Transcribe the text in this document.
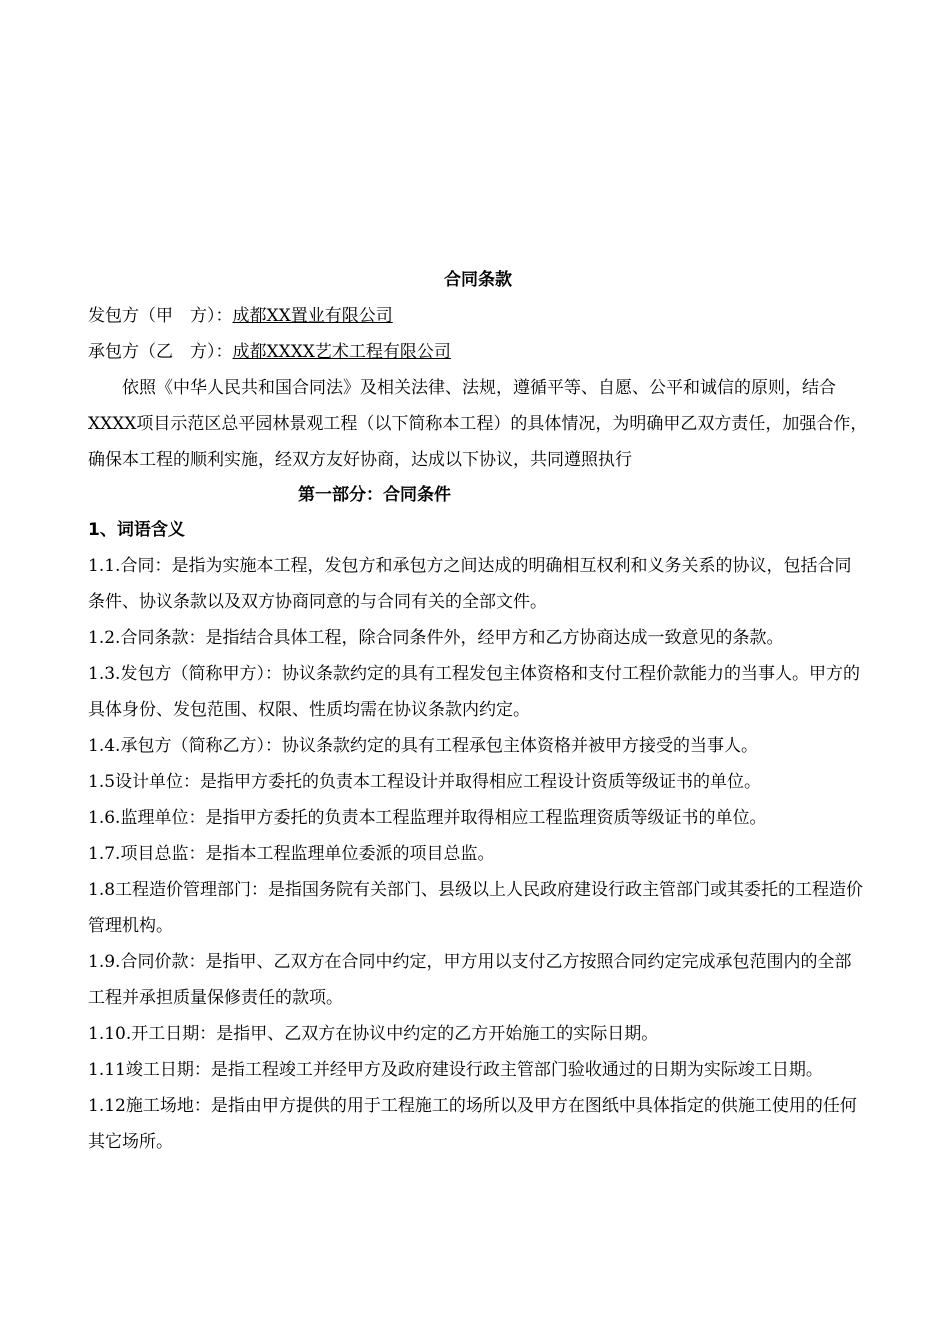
合同条款
发包方（甲　方）：成都XX置业有限公司
承包方（乙　方）：成都XXXX艺术工程有限公司

依照《中华人民共和国合同法》及相关法律、法规，遵循平等、自愿、公平和诚信的原则，结合XXXX项目示范区总平园林景观工程（以下简称本工程）的具体情况，为明确甲乙双方责任，加强合作，确保本工程的顺利实施，经双方友好协商，达成以下协议，共同遵照执行

第一部分：合同条件
1、词语含义

1.1.合同：是指为实施本工程，发包方和承包方之间达成的明确相互权利和义务关系的协议，包括合同条件、协议条款以及双方协商同意的与合同有关的全部文件。

1.2.合同条款：是指结合具体工程，除合同条件外，经甲方和乙方协商达成一致意见的条款。

1.3.发包方（简称甲方）：协议条款约定的具有工程发包主体资格和支付工程价款能力的当事人。甲方的具体身份、发包范围、权限、性质均需在协议条款内约定。

1.4.承包方（简称乙方）：协议条款约定的具有工程承包主体资格并被甲方接受的当事人。

1.5设计单位：是指甲方委托的负责本工程设计并取得相应工程设计资质等级证书的单位。

1.6.监理单位：是指甲方委托的负责本工程监理并取得相应工程监理资质等级证书的单位。

1.7.项目总监：是指本工程监理单位委派的项目总监。

1.8工程造价管理部门：是指国务院有关部门、县级以上人民政府建设行政主管部门或其委托的工程造价管理机构。

1.9.合同价款：是指甲、乙双方在合同中约定，甲方用以支付乙方按照合同约定完成承包范围内的全部工程并承担质量保修责任的款项。

1.10.开工日期：是指甲、乙双方在协议中约定的乙方开始施工的实际日期。

1.11竣工日期：是指工程竣工并经甲方及政府建设行政主管部门验收通过的日期为实际竣工日期。

1.12施工场地：是指由甲方提供的用于工程施工的场所以及甲方在图纸中具体指定的供施工使用的任何其它场所。
